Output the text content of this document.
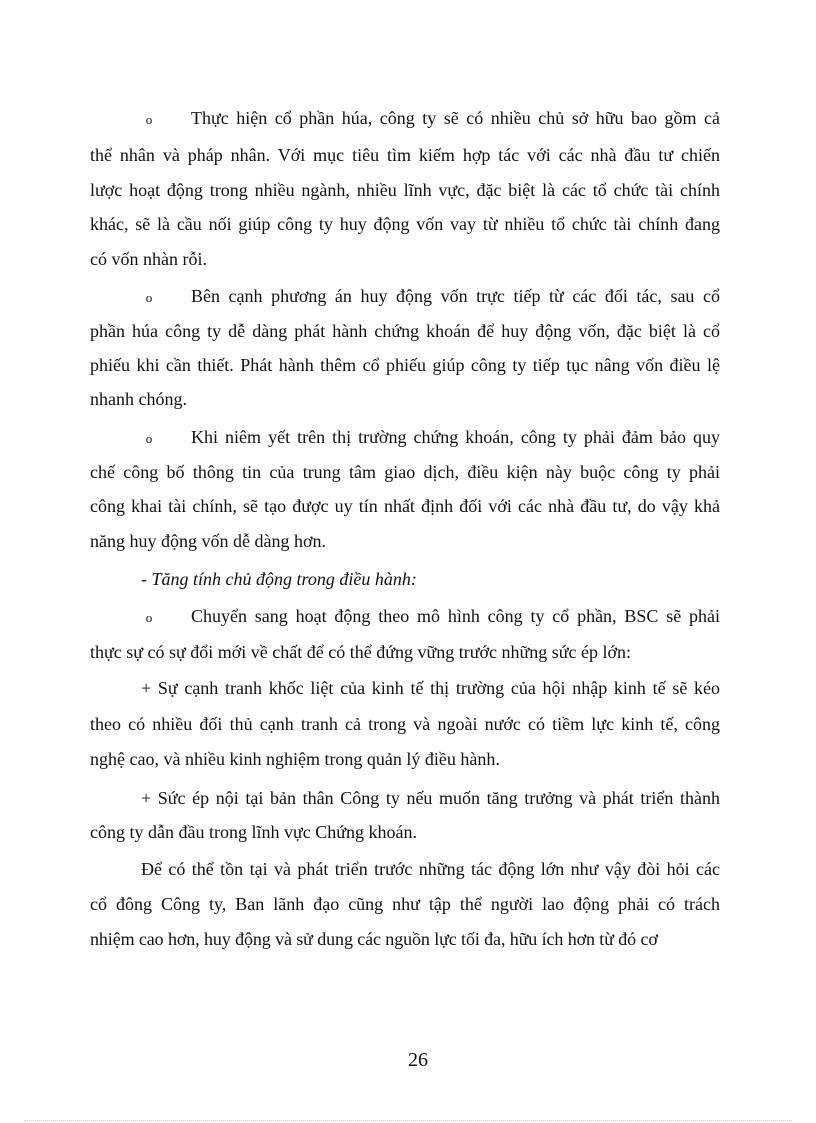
o Thực hiện cổ phần húa, công ty sẽ có nhiều chủ sở hữu bao gồm cả
thể nhân và pháp nhân. Với mục tiêu tìm kiếm hợp tác với các nhà đầu tư chiến
lược hoạt động trong nhiều ngành, nhiều lĩnh vực, đặc biệt là các tổ chức tài chính
khác, sẽ là cầu nối giúp công ty huy động vốn vay từ nhiều tổ chức tài chính đang
có vốn nhàn rỗi.
o Bên cạnh phương án huy động vốn trực tiếp từ các đối tác, sau cổ
phần húa công ty dễ dàng phát hành chứng khoán để huy động vốn, đặc biệt là cổ
phiếu khi cần thiết. Phát hành thêm cổ phiếu giúp công ty tiếp tục nâng vốn điều lệ
nhanh chóng.
o Khi niêm yết trên thị trường chứng khoán, công ty phải đảm bảo quy
chế công bố thông tin của trung tâm giao dịch, điều kiện này buộc công ty phải
công khai tài chính, sẽ tạo được uy tín nhất định đối với các nhà đầu tư, do vậy khả
năng huy động vốn dễ dàng hơn.
- Tăng tính chủ động trong điều hành:
o Chuyển sang hoạt động theo mô hình công ty cổ phần, BSC sẽ phải
thực sự có sự đổi mới về chất để có thể đứng vững trước những sức ép lớn:
+ Sự cạnh tranh khốc liệt của kinh tế thị trường của hội nhập kinh tế sẽ kéo
theo có nhiều đối thủ cạnh tranh cả trong và ngoài nước có tiềm lực kinh tế, công
nghệ cao, và nhiều kinh nghiệm trong quản lý điều hành.
+ Sức ép nội tại bản thân Công ty nếu muốn tăng trưởng và phát triển thành
công ty dẫn đầu trong lĩnh vực Chứng khoán.
Để có thể tồn tại và phát triển trước những tác động lớn như vậy đòi hỏi các
cổ đông Công ty, Ban lãnh đạo cũng như tập thể người lao động phải có trách
nhiệm cao hơn, huy động và sử dung các nguồn lực tối đa, hữu ích hơn từ đó cơ
26
